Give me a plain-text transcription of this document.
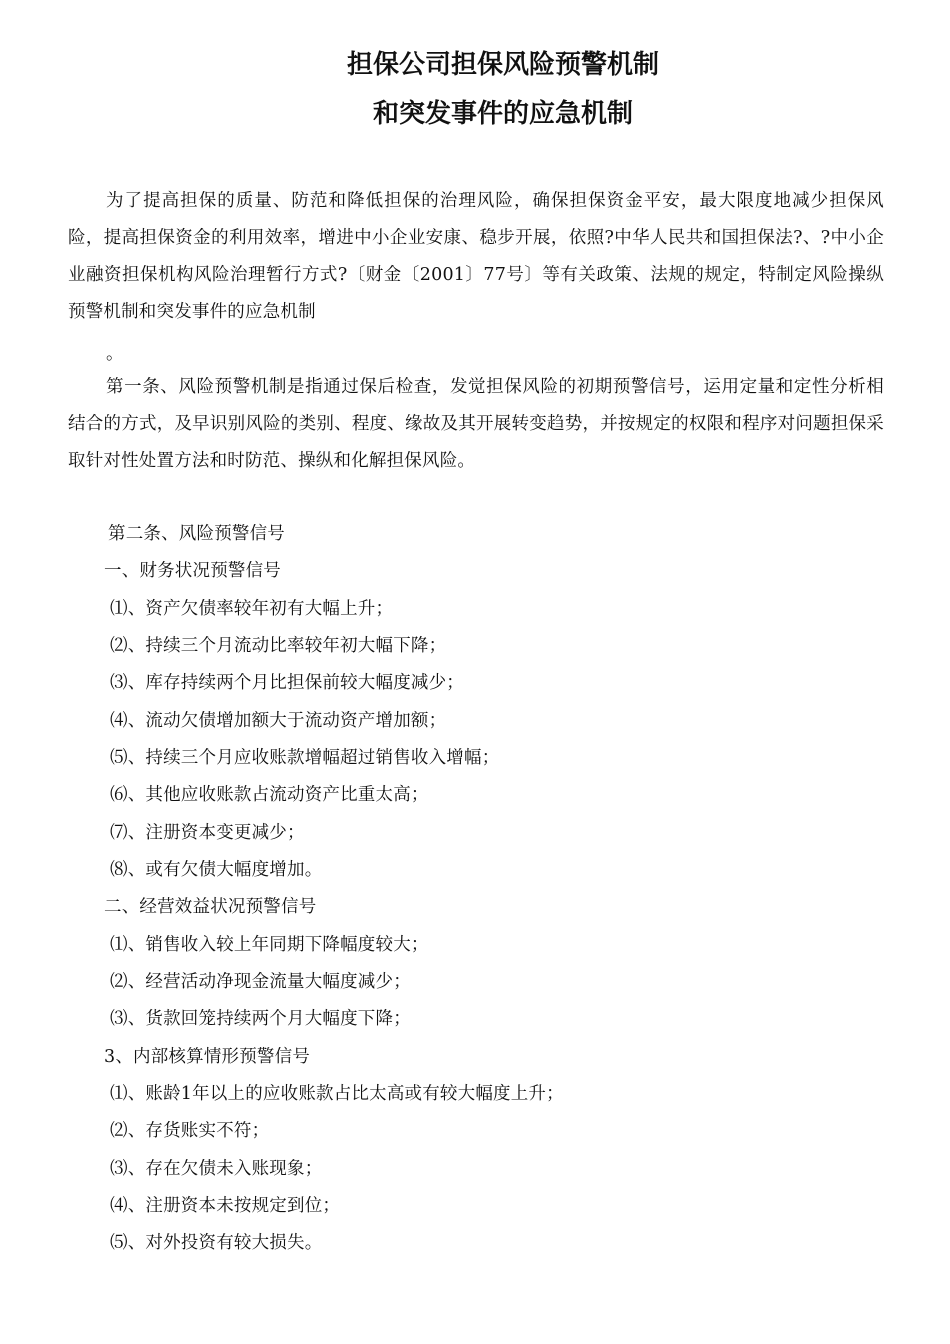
担保公司担保风险预警机制
和突发事件的应急机制

为了提高担保的质量、防范和降低担保的治理风险，确保担保资金平安，最大限度地减少担保风险，提高担保资金的利用效率，增进中小企业安康、稳步开展，依照?中华人民共和国担保法?、?中小企业融资担保机构风险治理暂行方式?〔财金〔2001〕77号〕等有关政策、法规的规定，特制定风险操纵预警机制和突发事件的应急机制

。

第一条、风险预警机制是指通过保后检查，发觉担保风险的初期预警信号，运用定量和定性分析相结合的方式，及早识别风险的类别、程度、缘故及其开展转变趋势，并按规定的权限和程序对问题担保采取针对性处置方法和时防范、操纵和化解担保风险。

第二条、风险预警信号

一、财务状况预警信号

⑴、资产欠债率较年初有大幅上升；

⑵、持续三个月流动比率较年初大幅下降；

⑶、库存持续两个月比担保前较大幅度减少；

⑷、流动欠债增加额大于流动资产增加额；

⑸、持续三个月应收账款增幅超过销售收入增幅；

⑹、其他应收账款占流动资产比重太高；

⑺、注册资本变更减少；

⑻、或有欠债大幅度增加。

二、经营效益状况预警信号

⑴、销售收入较上年同期下降幅度较大；

⑵、经营活动净现金流量大幅度减少；

⑶、货款回笼持续两个月大幅度下降；

3、内部核算情形预警信号

⑴、账龄1年以上的应收账款占比太高或有较大幅度上升；

⑵、存货账实不符；

⑶、存在欠债未入账现象；

⑷、注册资本未按规定到位；

⑸、对外投资有较大损失。
